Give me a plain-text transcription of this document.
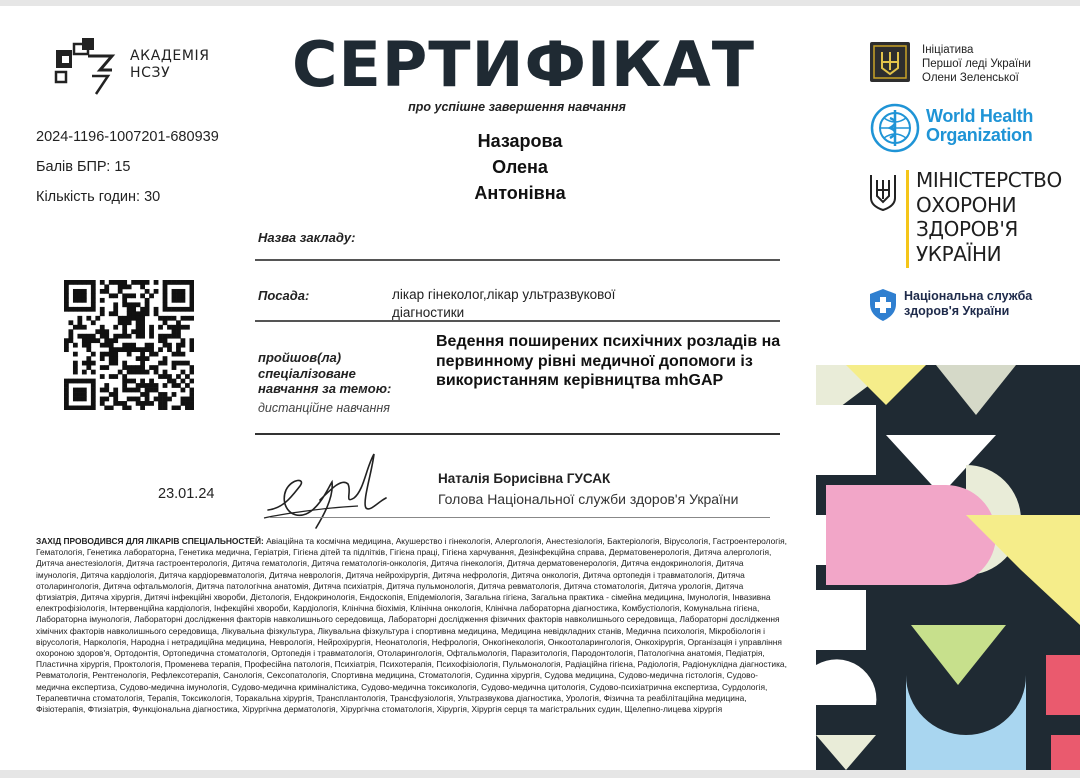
АКАДЕМІЯ
НСЗУ	СЕРТИФІКАТ
про успішне завершення навчання
2024-1196-1007201-680939
Балів БПР: 15
Кількість годин: 30
Назарова
Олена
Антонівна
Назва закладу:
Посада:	лікар гінеколог,лікар ультразвукової діагностики
пройшов(ла) спеціалізоване навчання за темою:
дистанційне навчання
Ведення поширених психічних розладів на первинному рівні медичної допомоги із використанням керівництва mhGAP
23.01.24
Наталія Борисівна ГУСАК
Голова Національної служби здоров'я України
ЗАХІД ПРОВОДИВСЯ ДЛЯ ЛІКАРІВ СПЕЦІАЛЬНОСТЕЙ: Авіаційна та космічна медицина, Акушерство і гінекологія, Алергологія, Анестезіологія, Бактеріологія, Вірусологія, Гастроентерологія, Гематологія, Генетика лабораторна, Генетика медична, Геріатрія, Гігієна дітей та підлітків, Гігієна праці, Гігієна харчування, Дезінфекційна справа, Дерматовенерологія, Дитяча алергологія, Дитяча анестезіологія, Дитяча гастроентерологія, Дитяча гематологія, Дитяча гематологія-онкологія, Дитяча гінекологія, Дитяча дерматовенерологія, Дитяча ендокринологія, Дитяча імунологія, Дитяча кардіологія, Дитяча кардіоревматологія, Дитяча неврологія, Дитяча нейрохірургія, Дитяча нефрологія, Дитяча онкологія, Дитяча ортопедія і травматологія, Дитяча отоларингологія, Дитяча офтальмологія, Дитяча патологічна анатомія, Дитяча психіатрія, Дитяча пульмонологія, Дитяча ревматологія, Дитяча стоматологія, Дитяча урологія, Дитяча фтизіатрія, Дитяча хірургія, Дитячі інфекційні хвороби, Дієтологія, Ендокринологія, Ендоскопія, Епідеміологія, Загальна гігієна, Загальна практика - сімейна медицина, Імунологія, Інвазивна електрофізіологія, Інтервенційна кардіологія, Інфекційні хвороби, Кардіологія, Клінічна біохімія, Клінічна онкологія, Клінічна лабораторна діагностика, Комбустіологія, Комунальна гігієна, Лабораторна імунологія, Лабораторні дослідження факторів навколишнього середовища, Лабораторні дослідження фізичних факторів навколишнього середовища, Лабораторні дослідження хімічних факторів навколишнього середовища, Лікувальна фізкультура, Лікувальна фізкультура і спортивна медицина, Медицина невідкладних станів, Медична психологія, Мікробіологія і вірусологія, Наркологія, Народна і нетрадиційна медицина, Неврологія, Нейрохірургія, Неонатологія, Нефрологія, Онкогінекологія, Онкоотоларингологія, Онкохірургія, Організація і управління охороною здоров'я, Ортодонтія, Ортопедична стоматологія, Ортопедія і травматологія, Отоларингологія, Офтальмологія, Паразитологія, Пародонтологія, Патологічна анатомія, Педіатрія, Пластична хірургія, Проктологія, Променева терапія, Професійна патологія, Психіатрія, Психотерапія, Психофізіологія, Пульмонологія, Радіаційна гігієна, Радіологія, Радіонуклідна діагностика, Ревматологія, Рентгенологія, Рефлексотерапія, Санологія, Сексопатологія, Спортивна медицина, Стоматологія, Судинна хірургія, Судова медицина, Судово-медична гістологія, Судово-медична експертиза, Судово-медична імунологія, Судово-медична криміналістика, Судово-медична токсикологія, Судово-медична цитологія, Судово-психіатрична експертиза, Сурдологія, Терапевтична стоматологія, Терапія, Токсикологія, Торакальна хірургія, Трансплантологія, Трансфузіологія, Ультразвукова діагностика, Урологія, Фізична та реабілітаційна медицина, Фізіотерапія, Фтизіатрія, Функціональна діагностика, Хірургічна дерматологія, Хірургічна стоматологія, Хірургія, Хірургія серця та магістральних судин, Щелепно-лицева хірургія
Ініціатива
Першої леді України
Олени Зеленської
World Health
Organization
МІНІСТЕРСТВО
ОХОРОНИ
ЗДОРОВ'Я
УКРАЇНИ
Національна служба
здоров'я України
